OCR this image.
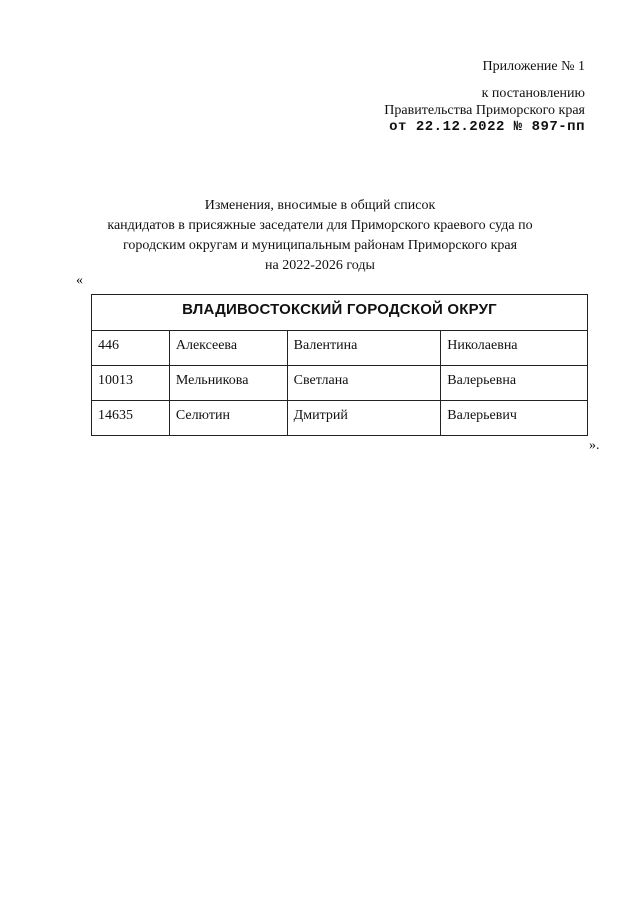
Приложение № 1
к постановлению
Правительства Приморского края
от 22.12.2022 № 897-пп
Изменения, вносимые в общий список
кандидатов в присяжные заседатели для Приморского краевого суда по
городским округам и муниципальным районам Приморского края
на 2022-2026 годы
«
ВЛАДИВОСТОКСКИЙ ГОРОДСКОЙ ОКРУГ			
446	Алексеева	Валентина	Николаевна
10013	Мельникова	Светлана	Валерьевна
14635	Селютин	Дмитрий	Валерьевич
».
